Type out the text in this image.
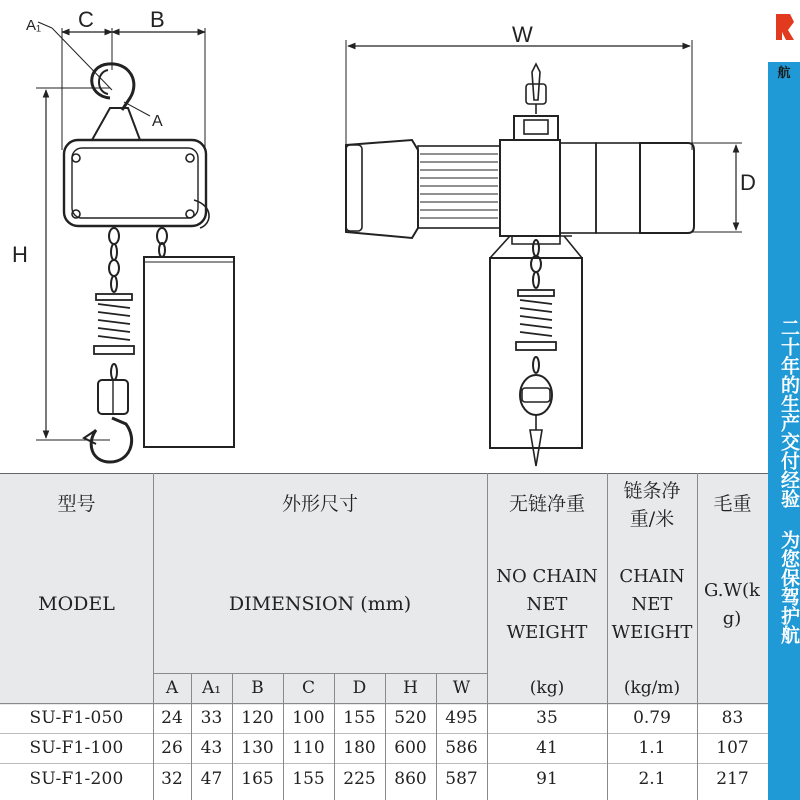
A₁ C	B
A
H
W
D
航
二十年的生产交付经验 为您保驾护航
型号
MODEL
外形尺寸
DIMENSION (mm)
无链净重
NO CHAIN NET WEIGHT
(kg)
链条净重/米
CHAIN NET WEIGHT
(kg/m)
毛重
G.W(kg)
A	A₁	B	C	D	H	W
SU-F1-050	24	33	120	100	155	520	495	35	0.79	83
SU-F1-100	26	43	130	110	180	600	586	41	1.1	107
SU-F1-200	32	47	165	155	225	860	587	91	2.1	217
